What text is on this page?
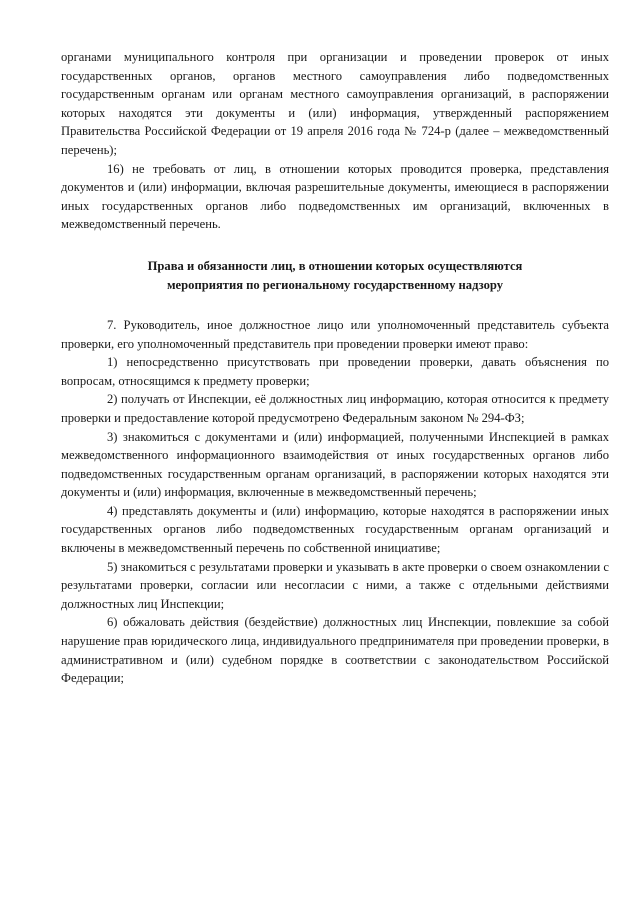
органами муниципального контроля при организации и проведении проверок от иных государственных органов, органов местного самоуправления либо подведомственных государственным органам или органам местного самоуправления организаций, в распоряжении которых находятся эти документы и (или) информация, утвержденный распоряжением Правительства Российской Федерации от 19 апреля 2016 года № 724-р (далее – межведомственный перечень);

16) не требовать от лиц, в отношении которых проводится проверка, представления документов и (или) информации, включая разрешительные документы, имеющиеся в распоряжении иных государственных органов либо подведомственных им организаций, включенных в межведомственный перечень.

Права и обязанности лиц, в отношении которых осуществляются мероприятия по региональному государственному надзору

7. Руководитель, иное должностное лицо или уполномоченный представитель субъекта проверки, его уполномоченный представитель при проведении проверки имеют право:

1) непосредственно присутствовать при проведении проверки, давать объяснения по вопросам, относящимся к предмету проверки;

2) получать от Инспекции, её должностных лиц информацию, которая относится к предмету проверки и предоставление которой предусмотрено Федеральным законом № 294-ФЗ;

3) знакомиться с документами и (или) информацией, полученными Инспекцией в рамках межведомственного информационного взаимодействия от иных государственных органов либо подведомственных государственным органам организаций, в распоряжении которых находятся эти документы и (или) информация, включенные в межведомственный перечень;

4) представлять документы и (или) информацию, которые находятся в распоряжении иных государственных органов либо подведомственных государственным органам организаций и включены в межведомственный перечень по собственной инициативе;

5) знакомиться с результатами проверки и указывать в акте проверки о своем ознакомлении с результатами проверки, согласии или несогласии с ними, а также с отдельными действиями должностных лиц Инспекции;

6) обжаловать действия (бездействие) должностных лиц Инспекции, повлекшие за собой нарушение прав юридического лица, индивидуального предпринимателя при проведении проверки, в административном и (или) судебном порядке в соответствии с законодательством Российской Федерации;
